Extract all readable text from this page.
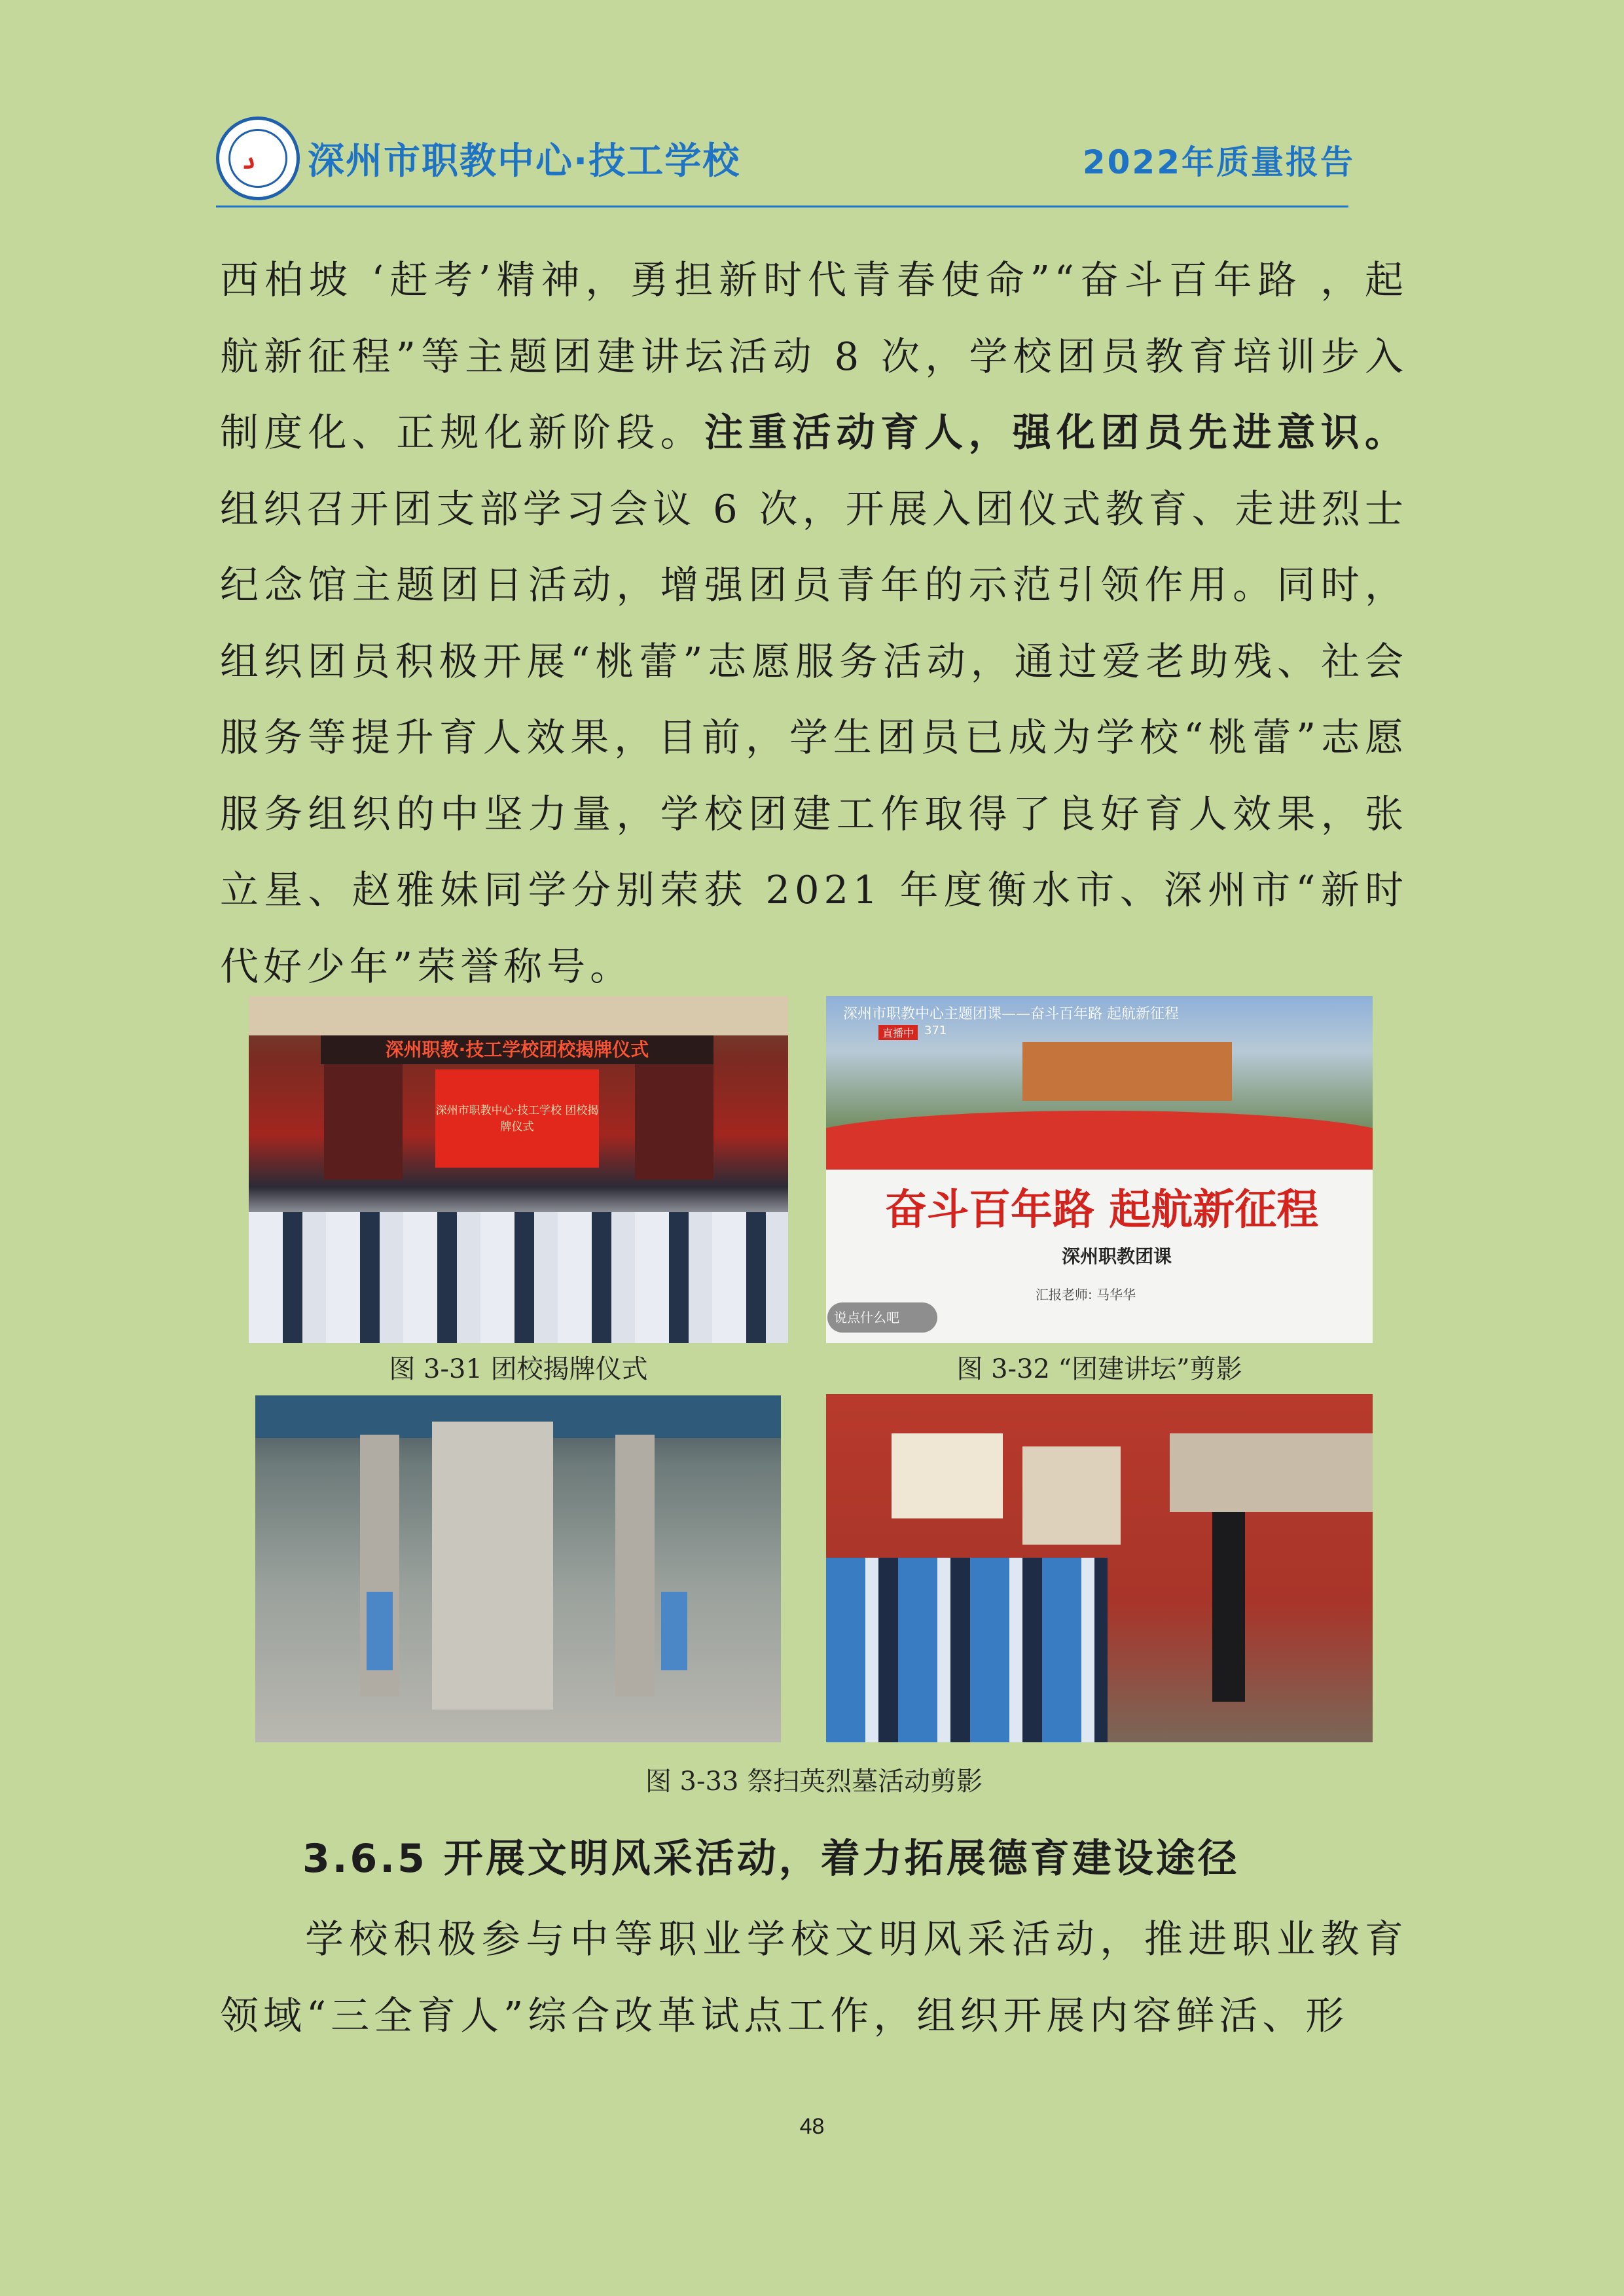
ࡅ 深州市职教中心·技工学校	2022年质量报告

西柏坡 ‘赶考’精神，勇担新时代青春使命”“奋斗百年路 ，起航新征程”等主题团建讲坛活动 8 次，学校团员教育培训步入制度化、正规化新阶段。注重活动育人，强化团员先进意识。组织召开团支部学习会议 6 次，开展入团仪式教育、走进烈士纪念馆主题团日活动，增强团员青年的示范引领作用。同时，组织团员积极开展“桃蕾”志愿服务活动，通过爱老助残、社会服务等提升育人效果，目前，学生团员已成为学校“桃蕾”志愿服务组织的中坚力量，学校团建工作取得了良好育人效果，张立星、赵雅妹同学分别荣获 2021 年度衡水市、深州市“新时代好少年”荣誉称号。

深州职教·技工学校团校揭牌仪式
深州市职教中心·技工学校 团校揭牌仪式
图 3-31 团校揭牌仪式
深州市职教中心主题团课——奋斗百年路 起航新征程
直播中 371
奋斗百年路 起航新征程
深州职教团课
汇报老师: 马华华
说点什么吧
图 3-32 “团建讲坛”剪影
图 3-33 祭扫英烈墓活动剪影
3.6.5 开展文明风采活动，着力拓展德育建设途径

学校积极参与中等职业学校文明风采活动，推进职业教育领域“三全育人”综合改革试点工作，组织开展内容鲜活、形

48
